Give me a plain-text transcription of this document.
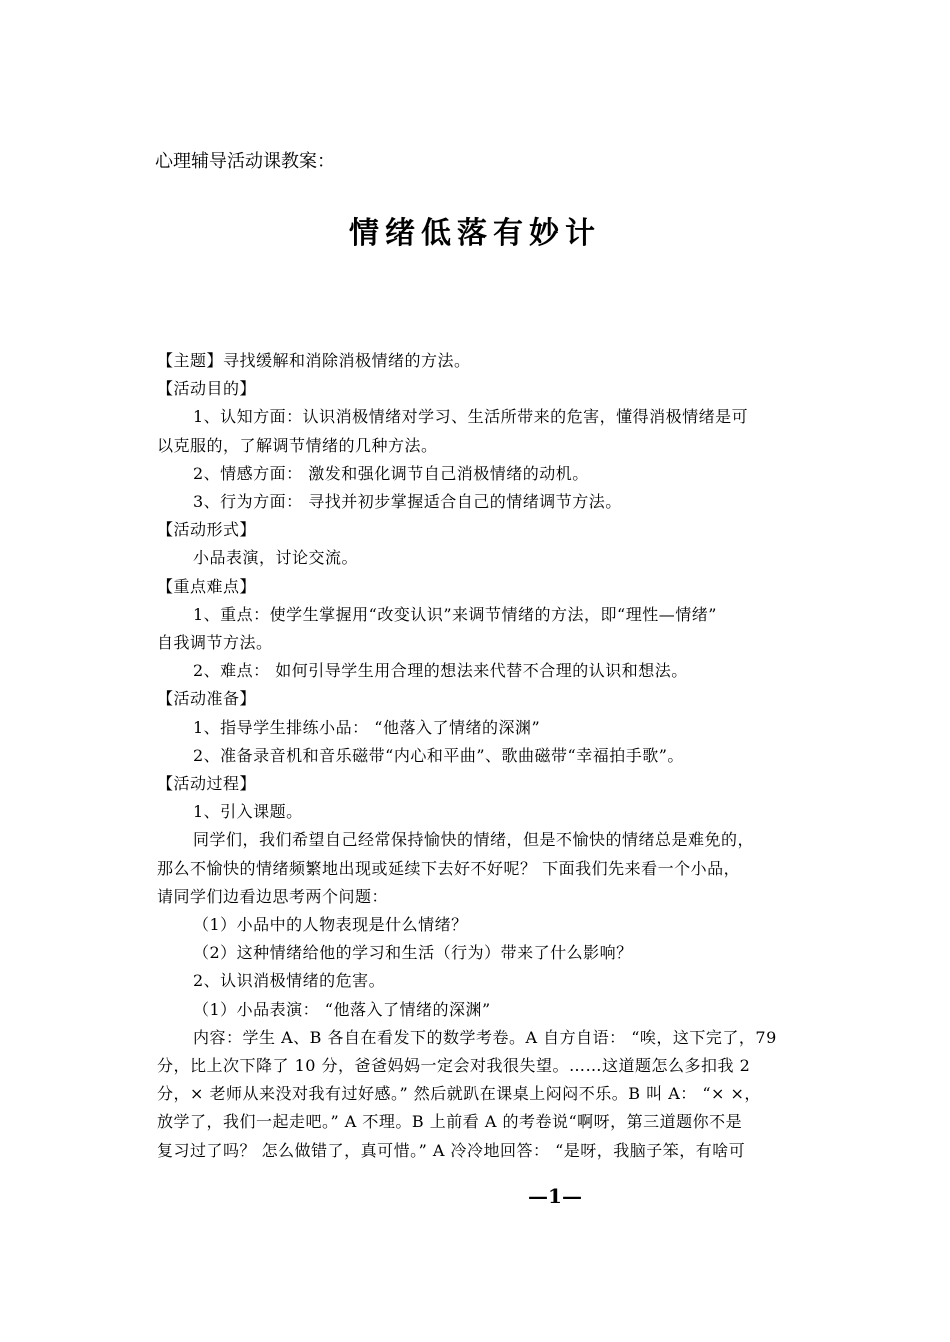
心理辅导活动课教案：
情绪低落有妙计

【主题】寻找缓解和消除消极情绪的方法。

【活动目的】

1、认知方面：认识消极情绪对学习、生活所带来的危害，懂得消极情绪是可

以克服的，了解调节情绪的几种方法。

2、情感方面： 激发和强化调节自己消极情绪的动机。

3、行为方面： 寻找并初步掌握适合自己的情绪调节方法。

【活动形式】

小品表演，讨论交流。

【重点难点】

1、重点：使学生掌握用“改变认识”来调节情绪的方法，即“理性—情绪”

自我调节方法。

2、难点： 如何引导学生用合理的想法来代替不合理的认识和想法。

【活动准备】

1、指导学生排练小品： “他落入了情绪的深渊”

2、准备录音机和音乐磁带“内心和平曲”、歌曲磁带“幸福拍手歌”。

【活动过程】

1、引入课题。

同学们，我们希望自己经常保持愉快的情绪，但是不愉快的情绪总是难免的，

那么不愉快的情绪频繁地出现或延续下去好不好呢？ 下面我们先来看一个小品，

请同学们边看边思考两个问题：

（1）小品中的人物表现是什么情绪？

（2）这种情绪给他的学习和生活（行为）带来了什么影响？

2、认识消极情绪的危害。

（1）小品表演： “他落入了情绪的深渊”

内容：学生 A、B 各自在看发下的数学考卷。A 自方自语： “唉，这下完了，79

分，比上次下降了 10 分，爸爸妈妈一定会对我很失望。……这道题怎么多扣我 2

分，× 老师从来没对我有过好感。” 然后就趴在课桌上闷闷不乐。B 叫 A： “× ×，

放学了，我们一起走吧。” A 不理。B 上前看 A 的考卷说“啊呀，第三道题你不是

复习过了吗？ 怎么做错了，真可惜。” A 冷冷地回答： “是呀，我脑子笨，有啥可

—1—
